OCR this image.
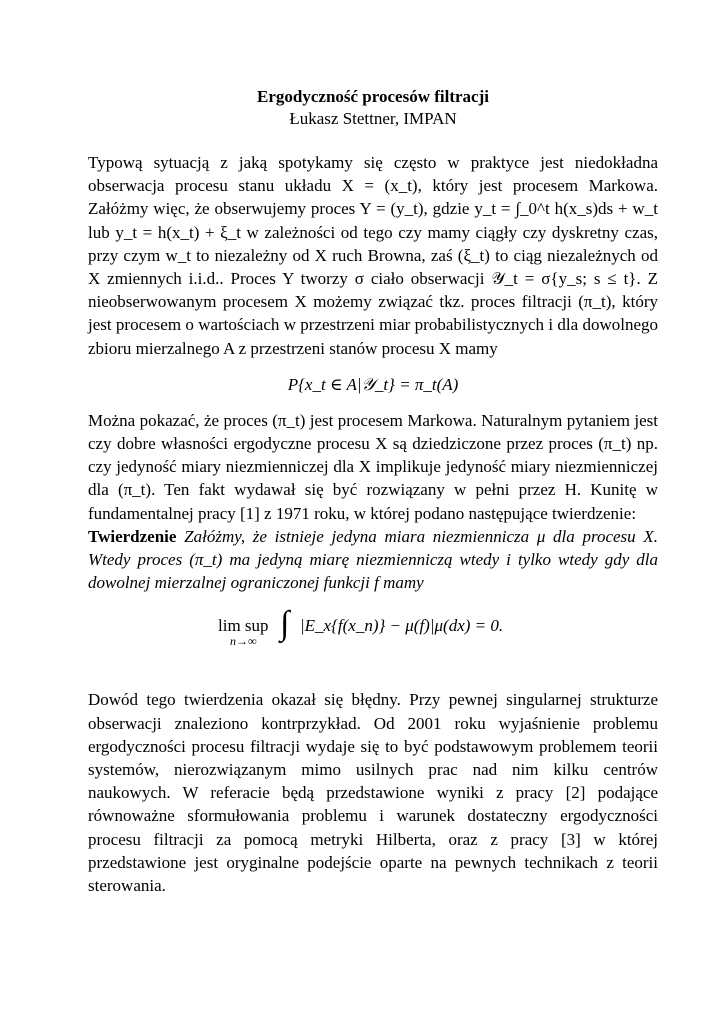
Ergodyczność procesów filtracji
Łukasz Stettner, IMPAN

Typową sytuacją z jaką spotykamy się często w praktyce jest niedokładna obserwacja procesu stanu układu X = (x_t), który jest procesem Markowa. Załóżmy więc, że obserwujemy proces Y = (y_t), gdzie y_t = ∫_0^t h(x_s)ds + w_t lub y_t = h(x_t) + ξ_t w zależności od tego czy mamy ciągły czy dyskretny czas, przy czym w_t to niezależny od X ruch Browna, zaś (ξ_t) to ciąg niezależnych od X zmiennych i.i.d.. Proces Y tworzy σ ciało obserwacji 𝒴_t = σ{y_s; s ≤ t}. Z nieobserwowanym procesem X możemy związać tkz. proces filtracji (π_t), który jest procesem o wartościach w przestrzeni miar probabilistycznych i dla dowolnego zbioru mierzalnego A z przestrzeni stanów procesu X mamy

P{x_t ∈ A|𝒴_t} = π_t(A)

Można pokazać, że proces (π_t) jest procesem Markowa. Naturalnym pytaniem jest czy dobre własności ergodyczne procesu X są dziedziczone przez proces (π_t) np. czy jedyność miary niezmienniczej dla X implikuje jedyność miary niezmienniczej dla (π_t). Ten fakt wydawał się być rozwiązany w pełni przez H. Kunitę w fundamentalnej pracy [1] z 1971 roku, w której podano następujące twierdzenie:

Twierdzenie Załóżmy, że istnieje jedyna miara niezmiennicza μ dla procesu X. Wtedy proces (π_t) ma jedyną miarę niezmienniczą wtedy i tylko wtedy gdy dla dowolnej mierzalnej ograniczonej funkcji f mamy

lim sup
n→∞ ∫ |E_x{f(x_n)} − μ(f)|μ(dx) = 0.

Dowód tego twierdzenia okazał się błędny. Przy pewnej singularnej strukturze obserwacji znaleziono kontrprzykład. Od 2001 roku wyjaśnienie problemu ergodyczności procesu filtracji wydaje się to być podstawowym problemem teorii systemów, nierozwiązanym mimo usilnych prac nad nim kilku centrów naukowych. W referacie będą przedstawione wyniki z pracy [2] podające równoważne sformułowania problemu i warunek dostateczny ergodyczności procesu filtracji za pomocą metryki Hilberta, oraz z pracy [3] w której przedstawione jest oryginalne podejście oparte na pewnych technikach z teorii sterowania.
